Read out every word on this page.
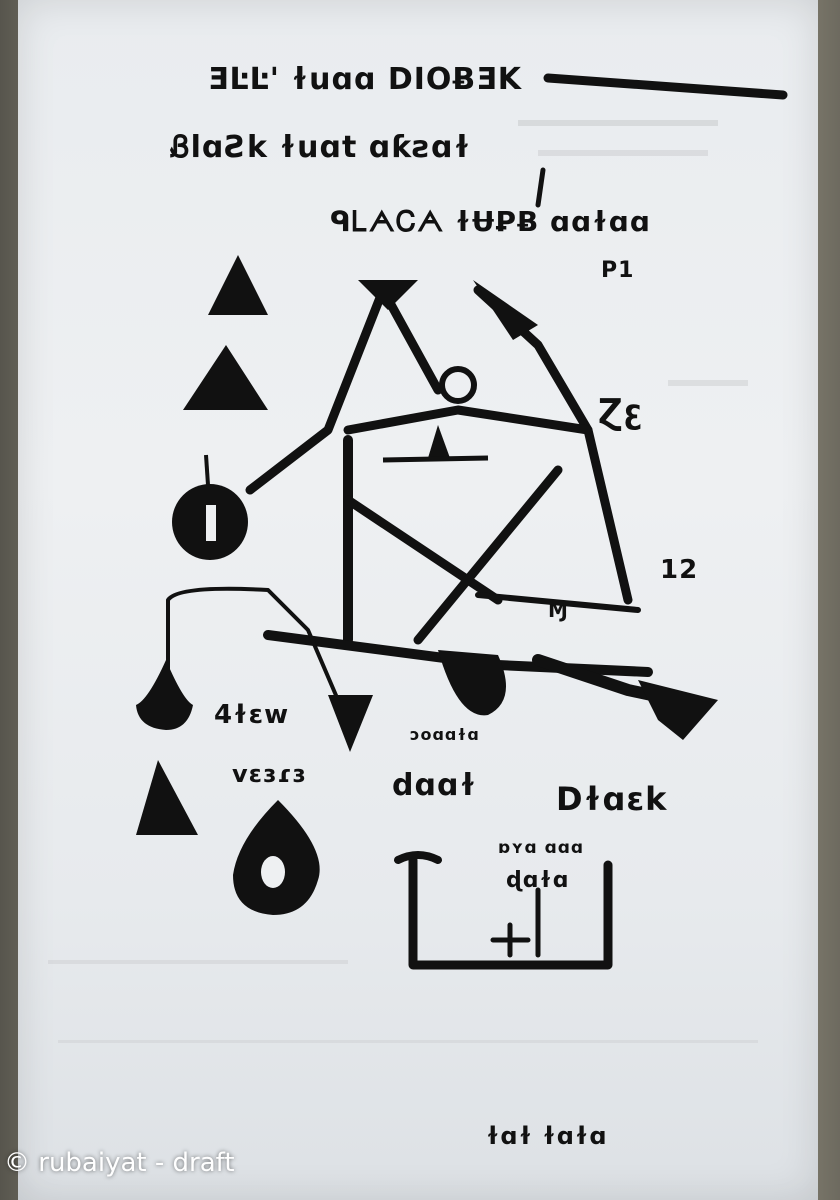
ƎĿĿ' ɫuɑɑ DIOɃƎK
ᏰlɑƧk ɫuɑt ɑƙƨɑɫ
ᑫᏞᗅᏟᗅ ɫɄꝐɃ ɑɑɫɑɑ
P1
Ɀꜫ
12
Ɱ
4ɫɛw
vɛɜɾɜ
ɔoɑɑɫɑ
dɑɑɫ Dɫɑɛk
ɒʏɑ ɑɑɑ
ɖɑɫɑ
ɫɑɫ ɫɑɫɑ
© rubaiyat - draft
